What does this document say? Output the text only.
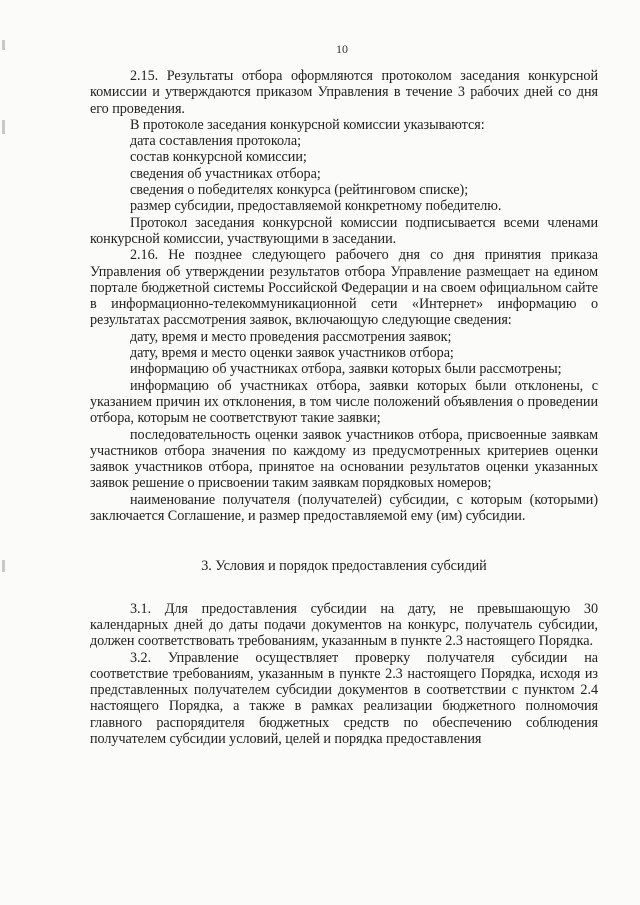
10

2.15. Результаты отбора оформляются протоколом заседания конкурсной комиссии и утверждаются приказом Управления в течение 3 рабочих дней со дня его проведения.

В протоколе заседания конкурсной комиссии указываются:

дата составления протокола;

состав конкурсной комиссии;

сведения об участниках отбора;

сведения о победителях конкурса (рейтинговом списке);

размер субсидии, предоставляемой конкретному победителю.

Протокол заседания конкурсной комиссии подписывается всеми членами конкурсной комиссии, участвующими в заседании.

2.16. Не позднее следующего рабочего дня со дня принятия приказа Управления об утверждении результатов отбора Управление размещает на едином портале бюджетной системы Российской Федерации и на своем официальном сайте в информационно-телекоммуникационной сети «Интернет» информацию о результатах рассмотрения заявок, включающую следующие сведения:

дату, время и место проведения рассмотрения заявок;

дату, время и место оценки заявок участников отбора;

информацию об участниках отбора, заявки которых были рассмотрены;

информацию об участниках отбора, заявки которых были отклонены, с указанием причин их отклонения, в том числе положений объявления о проведении отбора, которым не соответствуют такие заявки;

последовательность оценки заявок участников отбора, присвоенные заявкам участников отбора значения по каждому из предусмотренных критериев оценки заявок участников отбора, принятое на основании результатов оценки указанных заявок решение о присвоении таким заявкам порядковых номеров;

наименование получателя (получателей) субсидии, с которым (которыми) заключается Соглашение, и размер предоставляемой ему (им) субсидии.

3. Условия и порядок предоставления субсидий

3.1. Для предоставления субсидии на дату, не превышающую 30 календарных дней до даты подачи документов на конкурс, получатель субсидии, должен соответствовать требованиям, указанным в пункте 2.3 настоящего Порядка.

3.2. Управление осуществляет проверку получателя субсидии на соответствие требованиям, указанным в пункте 2.3 настоящего Порядка, исходя из представленных получателем субсидии документов в соответствии с пунктом 2.4 настоящего Порядка, а также в рамках реализации бюджетного полномочия главного распорядителя бюджетных средств по обеспечению соблюдения получателем субсидии условий, целей и порядка предоставления
